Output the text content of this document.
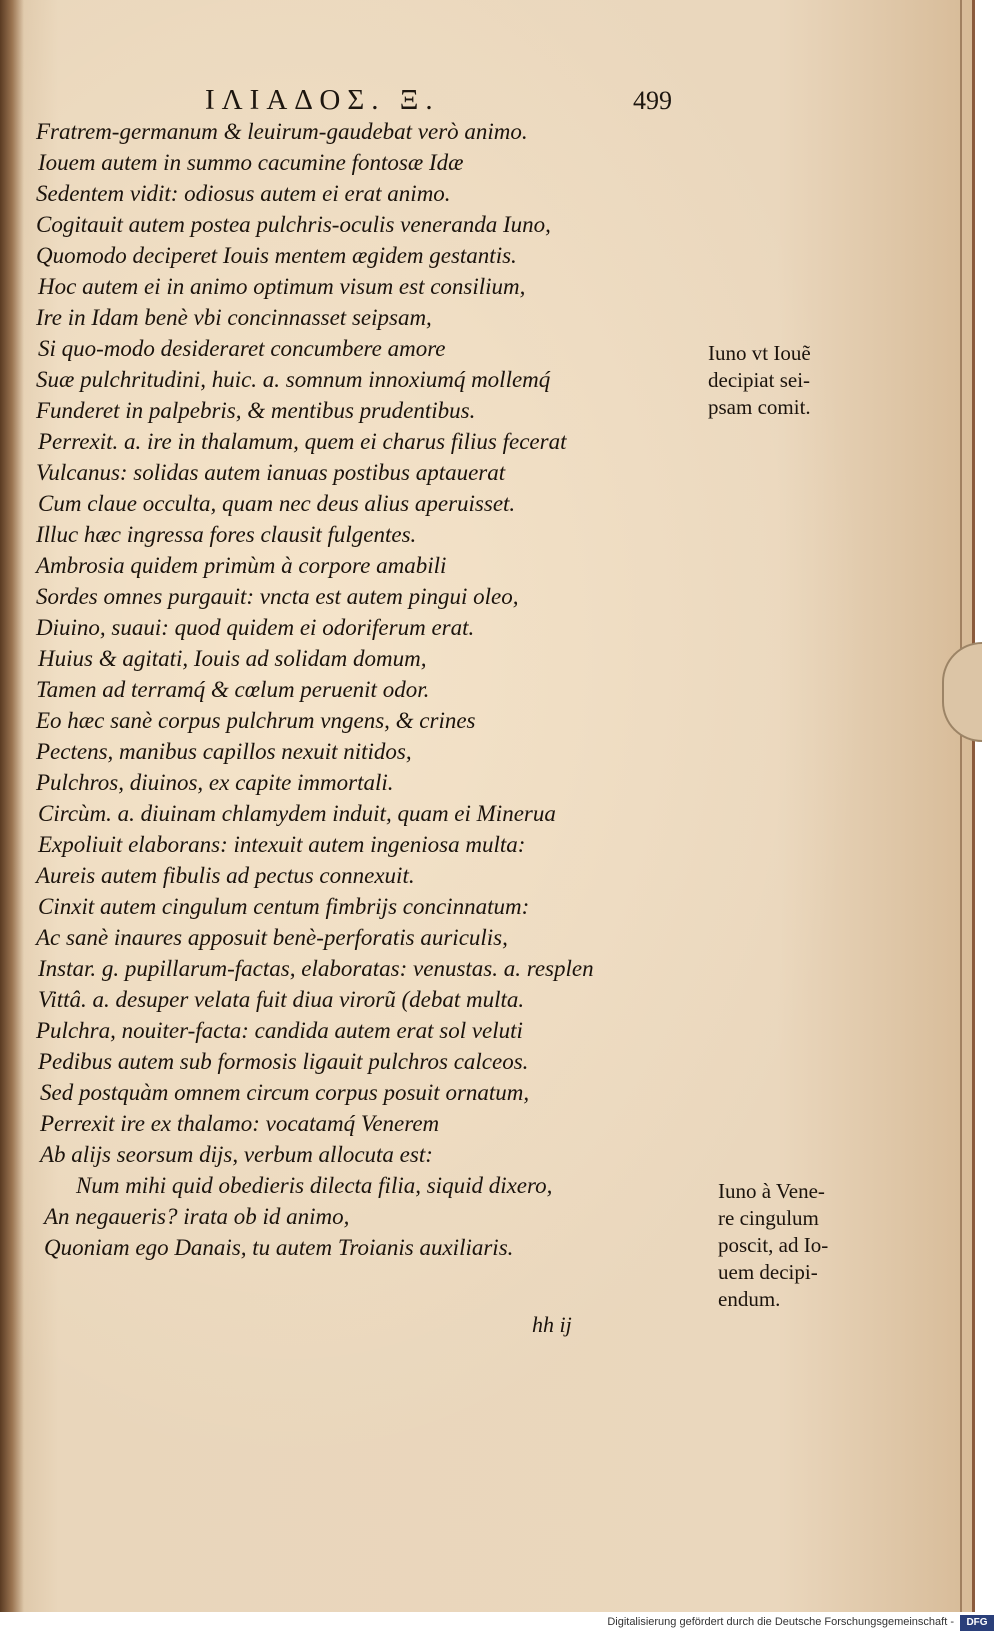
ΙΛΙΑΔΟΣ. Ξ.	499
Fratrem-germanum & leuirum-gaudebat verò animo.
Iouem autem in summo cacumine fontosæ Idæ
Sedentem vidit: odiosus autem ei erat animo.
Cogitauit autem postea pulchris-oculis veneranda Iuno,
Quomodo deciperet Iouis mentem ægidem gestantis.
Hoc autem ei in animo optimum visum est consilium,
Ire in Idam benè vbi concinnasset seipsam,
Si quo-modo desideraret concumbere amore
Suæ pulchritudini, huic. a. somnum innoxiumq́ mollemq́
Funderet in palpebris, & mentibus prudentibus.
Perrexit. a. ire in thalamum, quem ei charus filius fecerat
Vulcanus: solidas autem ianuas postibus aptauerat
Cum claue occulta, quam nec deus alius aperuisset.
Illuc hæc ingressa fores clausit fulgentes.
Ambrosia quidem primùm à corpore amabili
Sordes omnes purgauit: vncta est autem pingui oleo,
Diuino, suaui: quod quidem ei odoriferum erat.
Huius & agitati, Iouis ad solidam domum,
Tamen ad terramq́ & cœlum peruenit odor.
Eo hæc sanè corpus pulchrum vngens, & crines
Pectens, manibus capillos nexuit nitidos,
Pulchros, diuinos, ex capite immortali.
Circùm. a. diuinam chlamydem induit, quam ei Minerua
Expoliuit elaborans: intexuit autem ingeniosa multa:
Aureis autem fibulis ad pectus connexuit.
Cinxit autem cingulum centum fimbrijs concinnatum:
Ac sanè inaures apposuit benè-perforatis auriculis,
Instar. g. pupillarum-factas, elaboratas: venustas. a. resplen
Vittâ. a. desuper velata fuit diua virorũ (debat multa.
Pulchra, nouiter-facta: candida autem erat sol veluti
Pedibus autem sub formosis ligauit pulchros calceos.
Sed postquàm omnem circum corpus posuit ornatum,
Perrexit ire ex thalamo: vocatamq́ Venerem
Ab alijs seorsum dijs, verbum allocuta est:
Num mihi quid obedieris dilecta filia, siquid dixero,
An negaueris? irata ob id animo,
Quoniam ego Danais, tu autem Troianis auxiliaris.
hh ij
Iuno vt Iouẽ
decipiat sei-
psam comit.
Iuno à Vene-
re cingulum
poscit, ad Io-
uem decipi-
endum.
Digitalisierung gefördert durch die Deutsche Forschungsgemeinschaft -	DFG
